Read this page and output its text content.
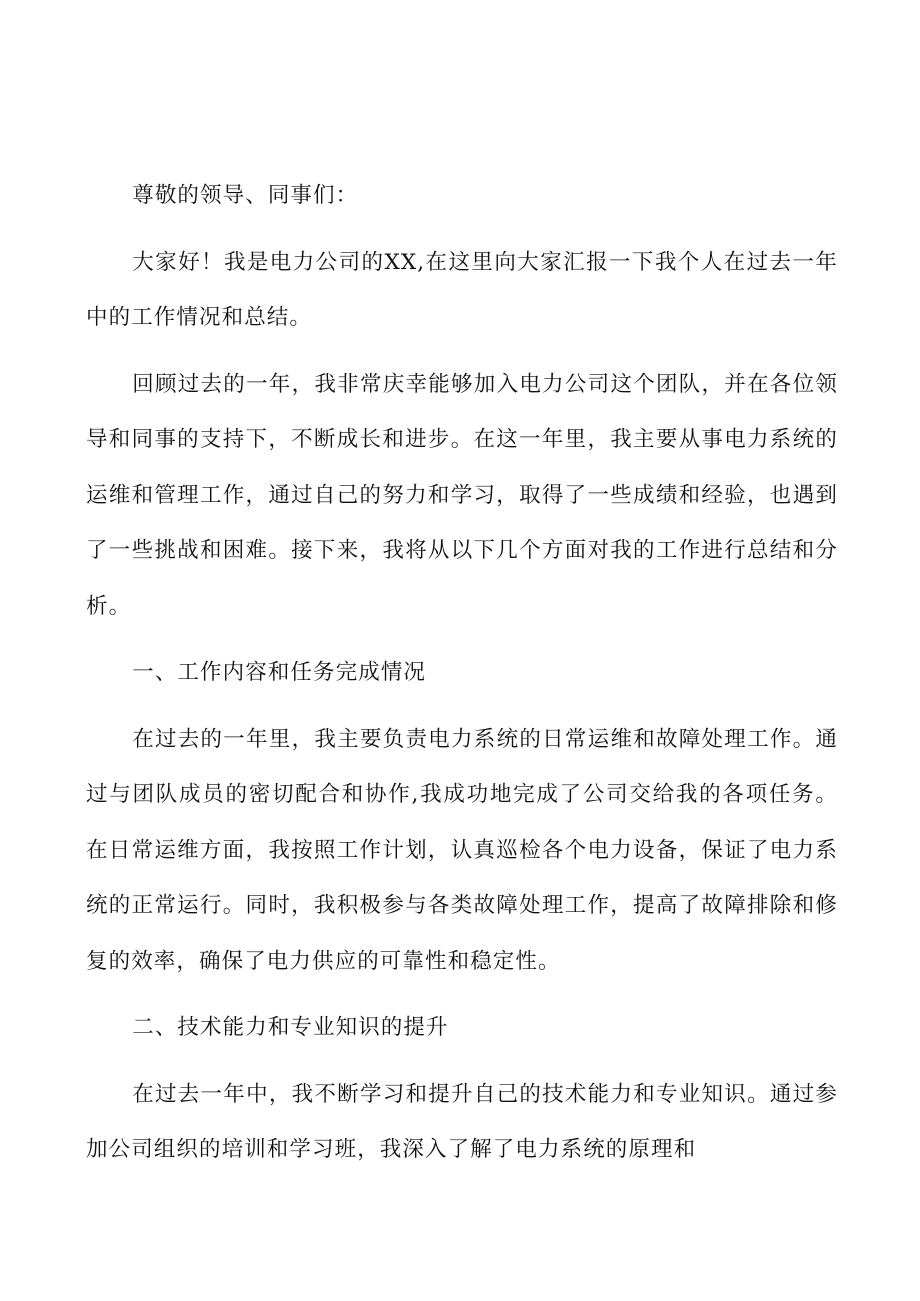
尊敬的领导、同事们：

大家好！我是电力公司的XX,在这里向大家汇报一下我个人在过去一年中的工作情况和总结。

回顾过去的一年，我非常庆幸能够加入电力公司这个团队，并在各位领导和同事的支持下，不断成长和进步。在这一年里，我主要从事电力系统的运维和管理工作，通过自己的努力和学习，取得了一些成绩和经验，也遇到了一些挑战和困难。接下来，我将从以下几个方面对我的工作进行总结和分析。

一、工作内容和任务完成情况

在过去的一年里，我主要负责电力系统的日常运维和故障处理工作。通过与团队成员的密切配合和协作,我成功地完成了公司交给我的各项任务。在日常运维方面，我按照工作计划，认真巡检各个电力设备，保证了电力系统的正常运行。同时，我积极参与各类故障处理工作，提高了故障排除和修复的效率，确保了电力供应的可靠性和稳定性。

二、技术能力和专业知识的提升

在过去一年中，我不断学习和提升自己的技术能力和专业知识。通过参加公司组织的培训和学习班，我深入了解了电力系统的原理和
